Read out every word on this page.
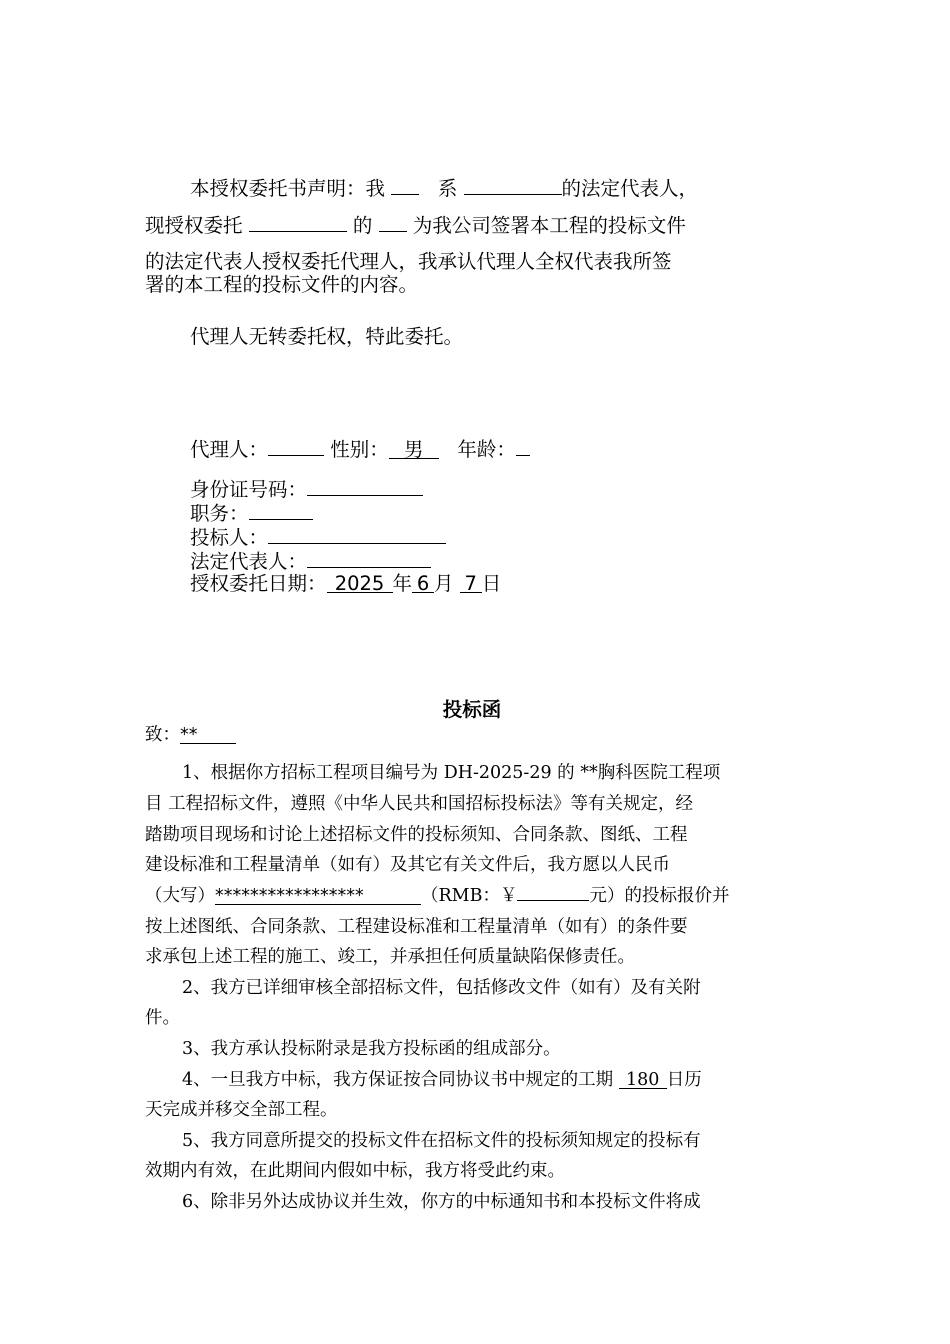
本授权委托书声明：我	系	的法定代表人，
现授权委托	的 为我公司签署本工程的投标文件
的法定代表人授权委托代理人，我承认代理人全权代表我所签
署的本工程的投标文件的内容。
代理人无转委托权，特此委托。
代理人：	性别： 男 年龄：
身份证号码：
职务：
投标人：
法定代表人：
授权委托日期： 2025 年 6 月 7 日
投标函
致：**
1、根据你方招标工程项目编号为 DH-2025-29 的 **胸科医院工程项
目 工程招标文件，遵照《中华人民共和国招标投标法》等有关规定，经
踏勘项目现场和讨论上述招标文件的投标须知、合同条款、图纸、工程
建设标准和工程量清单（如有）及其它有关文件后，我方愿以人民币
（大写）*****************	（RMB：￥	元）的投标报价并
按上述图纸、合同条款、工程建设标准和工程量清单（如有）的条件要
求承包上述工程的施工、竣工，并承担任何质量缺陷保修责任。
2、我方已详细审核全部招标文件，包括修改文件（如有）及有关附
件。
3、我方承认投标附录是我方投标函的组成部分。
4、一旦我方中标，我方保证按合同协议书中规定的工期 180 日历
天完成并移交全部工程。
5、我方同意所提交的投标文件在招标文件的投标须知规定的投标有
效期内有效，在此期间内假如中标，我方将受此约束。
6、除非另外达成协议并生效，你方的中标通知书和本投标文件将成
